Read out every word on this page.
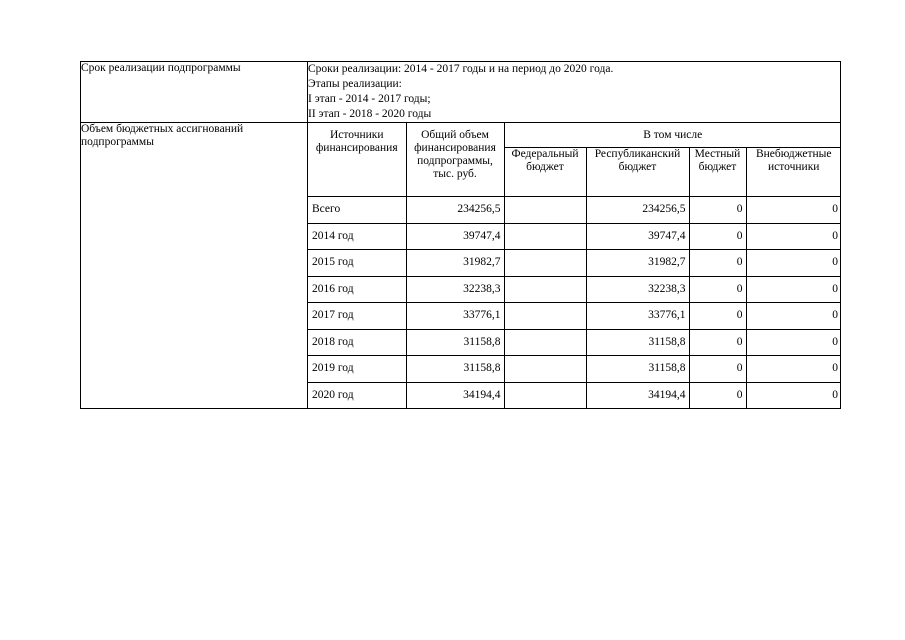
Срок реализации подпрограммы	Сроки реализации: 2014 - 2017 годы и на период до 2020 года.
Этапы реализации:
I этап - 2014 - 2017 годы;
II этап - 2018 - 2020 годы

Объем бюджетных ассигнований подпрограммы	
Источники финансирования	Общий объем финансирования подпрограммы, тыс. руб.	В том числе
Федеральный бюджет	Республиканский бюджет	Местный бюджет	Внебюджетные источники
Всего	234256,5		234256,5	0	0
2014 год	39747,4		39747,4	0	0
2015 год	31982,7		31982,7	0	0
2016 год	32238,3		32238,3	0	0
2017 год	33776,1		33776,1	0	0
2018 год	31158,8		31158,8	0	0
2019 год	31158,8		31158,8	0	0
2020 год	34194,4		34194,4	0	0
